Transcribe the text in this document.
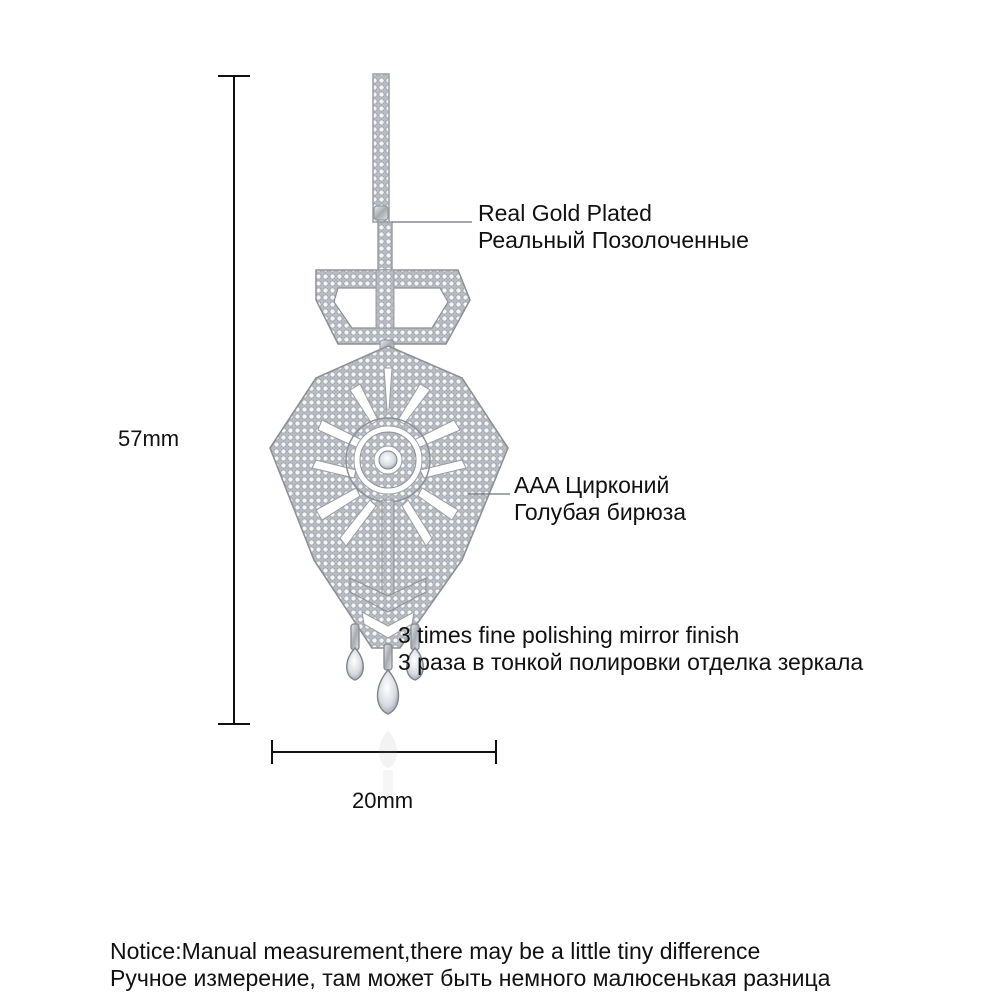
57mm
20mm
Real Gold Plated
Реальный Позолоченные
AAA Цирконий
Голубая бирюза
3 times fine polishing mirror finish
3 раза в тонкой полировки отделка зеркала
Notice:Manual measurement,there may be a little tiny difference
Ручное измерение, там может быть немного малюсенькая разница
